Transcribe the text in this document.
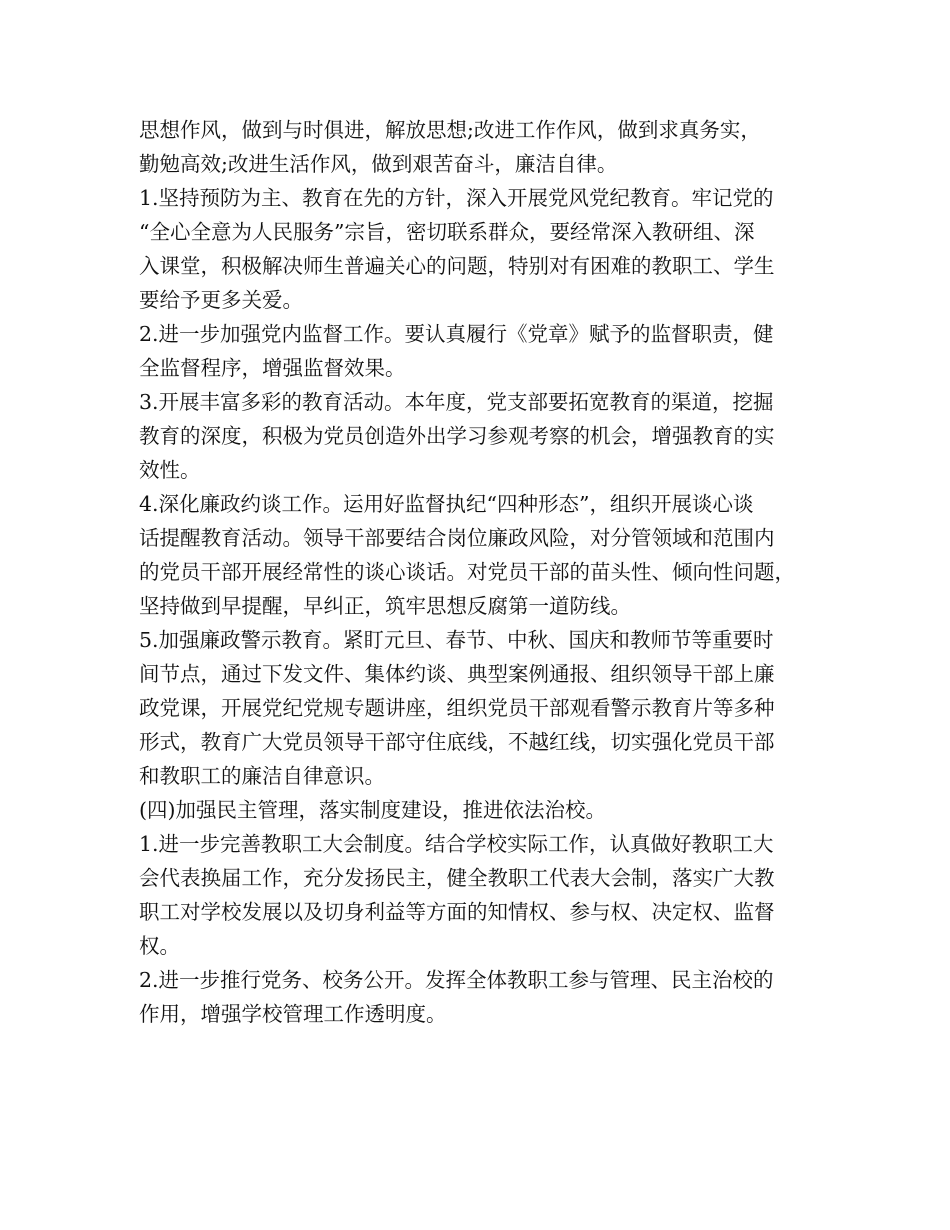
思想作风，做到与时俱进，解放思想;改进工作作风，做到求真务实，
勤勉高效;改进生活作风，做到艰苦奋斗，廉洁自律。
1.坚持预防为主、教育在先的方针，深入开展党风党纪教育。牢记党的
“全心全意为人民服务”宗旨，密切联系群众，要经常深入教研组、深
入课堂，积极解决师生普遍关心的问题，特别对有困难的教职工、学生
要给予更多关爱。
2.进一步加强党内监督工作。要认真履行《党章》赋予的监督职责，健
全监督程序，增强监督效果。
3.开展丰富多彩的教育活动。本年度，党支部要拓宽教育的渠道，挖掘
教育的深度，积极为党员创造外出学习参观考察的机会，增强教育的实
效性。
4.深化廉政约谈工作。运用好监督执纪“四种形态”，组织开展谈心谈
话提醒教育活动。领导干部要结合岗位廉政风险，对分管领域和范围内
的党员干部开展经常性的谈心谈话。对党员干部的苗头性、倾向性问题，
坚持做到早提醒，早纠正，筑牢思想反腐第一道防线。
5.加强廉政警示教育。紧盯元旦、春节、中秋、国庆和教师节等重要时
间节点，通过下发文件、集体约谈、典型案例通报、组织领导干部上廉
政党课，开展党纪党规专题讲座，组织党员干部观看警示教育片等多种
形式，教育广大党员领导干部守住底线，不越红线，切实强化党员干部
和教职工的廉洁自律意识。
(四)加强民主管理，落实制度建设，推进依法治校。
1.进一步完善教职工大会制度。结合学校实际工作，认真做好教职工大
会代表换届工作，充分发扬民主，健全教职工代表大会制，落实广大教
职工对学校发展以及切身利益等方面的知情权、参与权、决定权、监督
权。
2.进一步推行党务、校务公开。发挥全体教职工参与管理、民主治校的
作用，增强学校管理工作透明度。
